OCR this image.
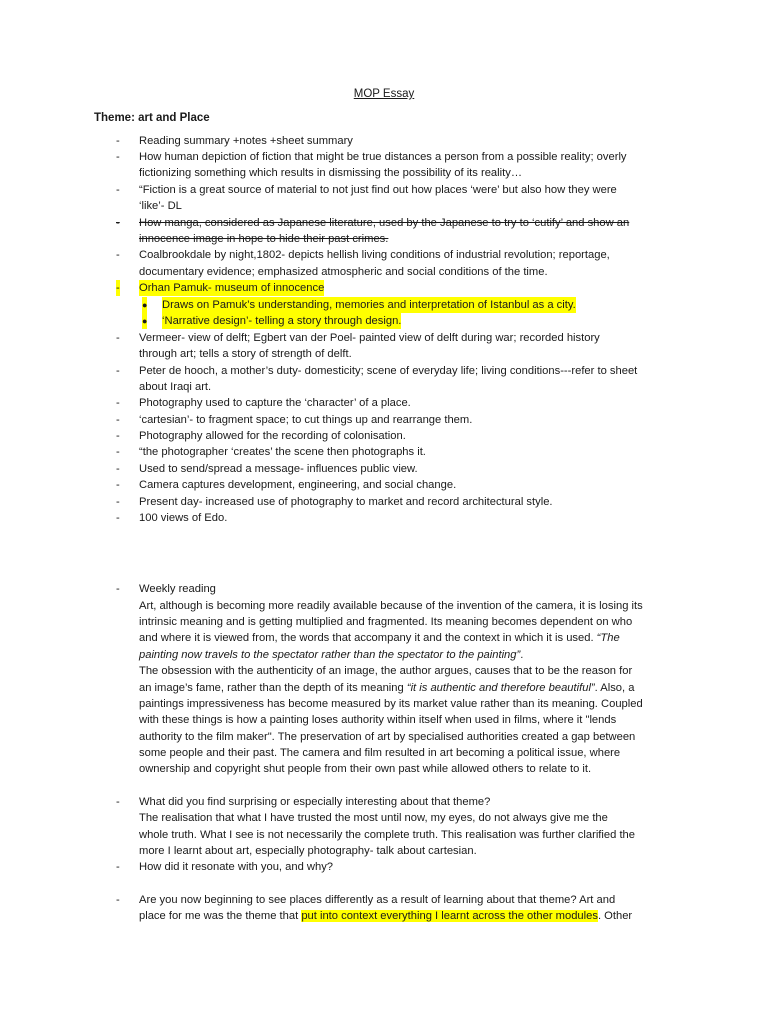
MOP Essay
Theme: art and Place
- Reading summary +notes +sheet summary
- How human depiction of fiction that might be true distances a person from a possible reality; overly
fictionizing something which results in dismissing the possibility of its reality…
- “Fiction is a great source of material to not just find out how places ‘were’ but also how they were
‘like’- DL
- How manga, considered as Japanese literature, used by the Japanese to try to ‘cutify’ and show an
innocence image in hope to hide their past crimes.
- Coalbrookdale by night,1802- depicts hellish living conditions of industrial revolution; reportage,
documentary evidence; emphasized atmospheric and social conditions of the time.
- Orhan Pamuk- museum of innocence
● Draws on Pamuk’s understanding, memories and interpretation of Istanbul as a city.
● ‘Narrative design’- telling a story through design.
- Vermeer- view of delft; Egbert van der Poel- painted view of delft during war; recorded history
through art; tells a story of strength of delft.
- Peter de hooch, a mother’s duty- domesticity; scene of everyday life; living conditions---refer to sheet
about Iraqi art.
- Photography used to capture the ‘character’ of a place.
- ‘cartesian’- to fragment space; to cut things up and rearrange them.
- Photography allowed for the recording of colonisation.
- “the photographer ‘creates’ the scene then photographs it.
- Used to send/spread a message- influences public view.
- Camera captures development, engineering, and social change.
- Present day- increased use of photography to market and record architectural style.
- 100 views of Edo.
- Weekly reading
Art, although is becoming more readily available because of the invention of the camera, it is losing its
intrinsic meaning and is getting multiplied and fragmented. Its meaning becomes dependent on who
and where it is viewed from, the words that accompany it and the context in which it is used. “The
painting now travels to the spectator rather than the spectator to the painting”.
The obsession with the authenticity of an image, the author argues, causes that to be the reason for
an image’s fame, rather than the depth of its meaning “it is authentic and therefore beautiful”. Also, a
paintings impressiveness has become measured by its market value rather than its meaning. Coupled
with these things is how a painting loses authority within itself when used in films, where it "lends
authority to the film maker". The preservation of art by specialised authorities created a gap between
some people and their past. The camera and film resulted in art becoming a political issue, where
ownership and copyright shut people from their own past while allowed others to relate to it.
- What did you find surprising or especially interesting about that theme?
The realisation that what I have trusted the most until now, my eyes, do not always give me the
whole truth. What I see is not necessarily the complete truth. This realisation was further clarified the
more I learnt about art, especially photography- talk about cartesian.
- How did it resonate with you, and why?
- Are you now beginning to see places differently as a result of learning about that theme? Art and
place for me was the theme that put into context everything I learnt across the other modules. Other
